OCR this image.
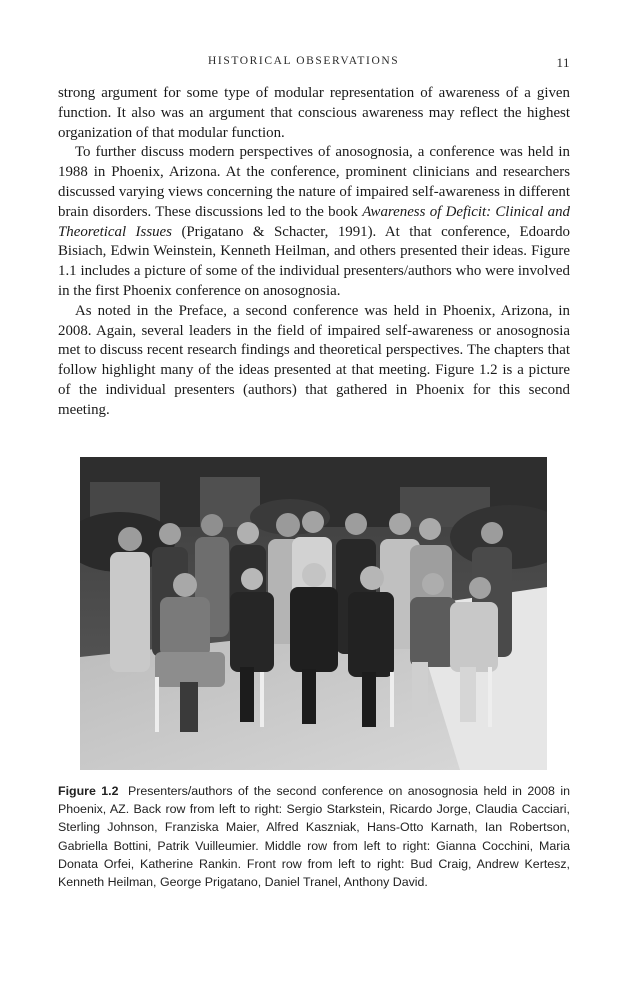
HISTORICAL OBSERVATIONS	11

strong argument for some type of modular representation of awareness of a given function. It also was an argument that conscious awareness may reflect the highest organization of that modular function.

To further discuss modern perspectives of anosognosia, a conference was held in 1988 in Phoenix, Arizona. At the conference, prominent clinicians and researchers discussed varying views concerning the nature of impaired self-awareness in different brain disorders. These discussions led to the book Awareness of Deficit: Clinical and Theoretical Issues (Prigatano & Schacter, 1991). At that conference, Edoardo Bisiach, Edwin Weinstein, Kenneth Heilman, and others presented their ideas. Figure 1.1 includes a picture of some of the individual presenters/authors who were involved in the first Phoenix conference on anosognosia.

As noted in the Preface, a second conference was held in Phoenix, Arizona, in 2008. Again, several leaders in the field of impaired self-awareness or anosognosia met to discuss recent research findings and theoretical perspectives. The chapters that follow highlight many of the ideas presented at that meeting. Figure 1.2 is a picture of the individual presenters (authors) that gathered in Phoenix for this second meeting.

Figure 1.2 Presenters/authors of the second conference on anosognosia held in 2008 in Phoenix, AZ. Back row from left to right: Sergio Starkstein, Ricardo Jorge, Claudia Cacciari, Sterling Johnson, Franziska Maier, Alfred Kaszniak, Hans-Otto Karnath, Ian Robertson, Gabriella Bottini, Patrik Vuilleumier. Middle row from left to right: Gianna Cocchini, Maria Donata Orfei, Katherine Rankin. Front row from left to right: Bud Craig, Andrew Kertesz, Kenneth Heilman, George Prigatano, Daniel Tranel, Anthony David.
